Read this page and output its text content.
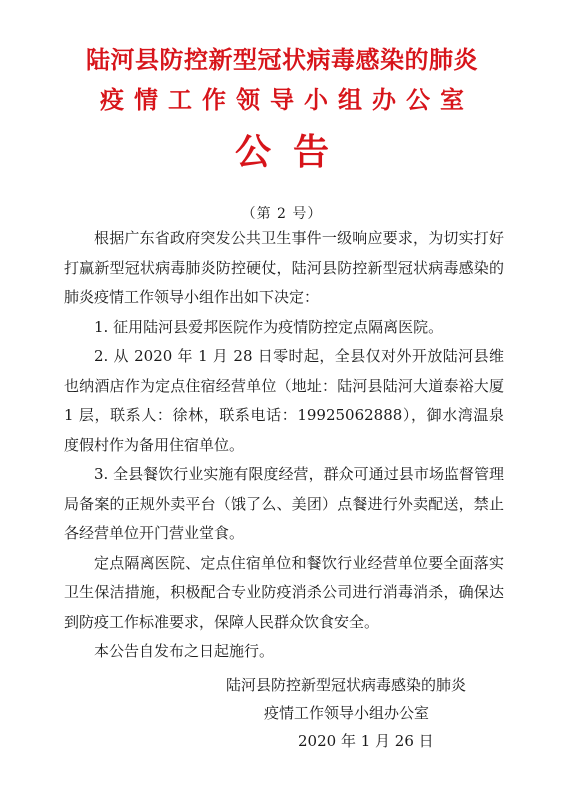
陆河县防控新型冠状病毒感染的肺炎
疫情工作领导小组办公室
公告
（第 2 号）

根据广东省政府突发公共卫生事件一级响应要求，为切实打好打赢新型冠状病毒肺炎防控硬仗，陆河县防控新型冠状病毒感染的肺炎疫情工作领导小组作出如下决定：

1. 征用陆河县爱邦医院作为疫情防控定点隔离医院。

2. 从 2020 年 1 月 28 日零时起，全县仅对外开放陆河县维也纳酒店作为定点住宿经营单位（地址：陆河县陆河大道泰裕大厦 1 层，联系人：徐林，联系电话：19925062888），御水湾温泉度假村作为备用住宿单位。

3. 全县餐饮行业实施有限度经营，群众可通过县市场监督管理局备案的正规外卖平台（饿了么、美团）点餐进行外卖配送，禁止各经营单位开门营业堂食。

定点隔离医院、定点住宿单位和餐饮行业经营单位要全面落实卫生保洁措施，积极配合专业防疫消杀公司进行消毒消杀，确保达到防疫工作标准要求，保障人民群众饮食安全。

本公告自发布之日起施行。

陆河县防控新型冠状病毒感染的肺炎
疫情工作领导小组办公室
2020 年 1 月 26 日
